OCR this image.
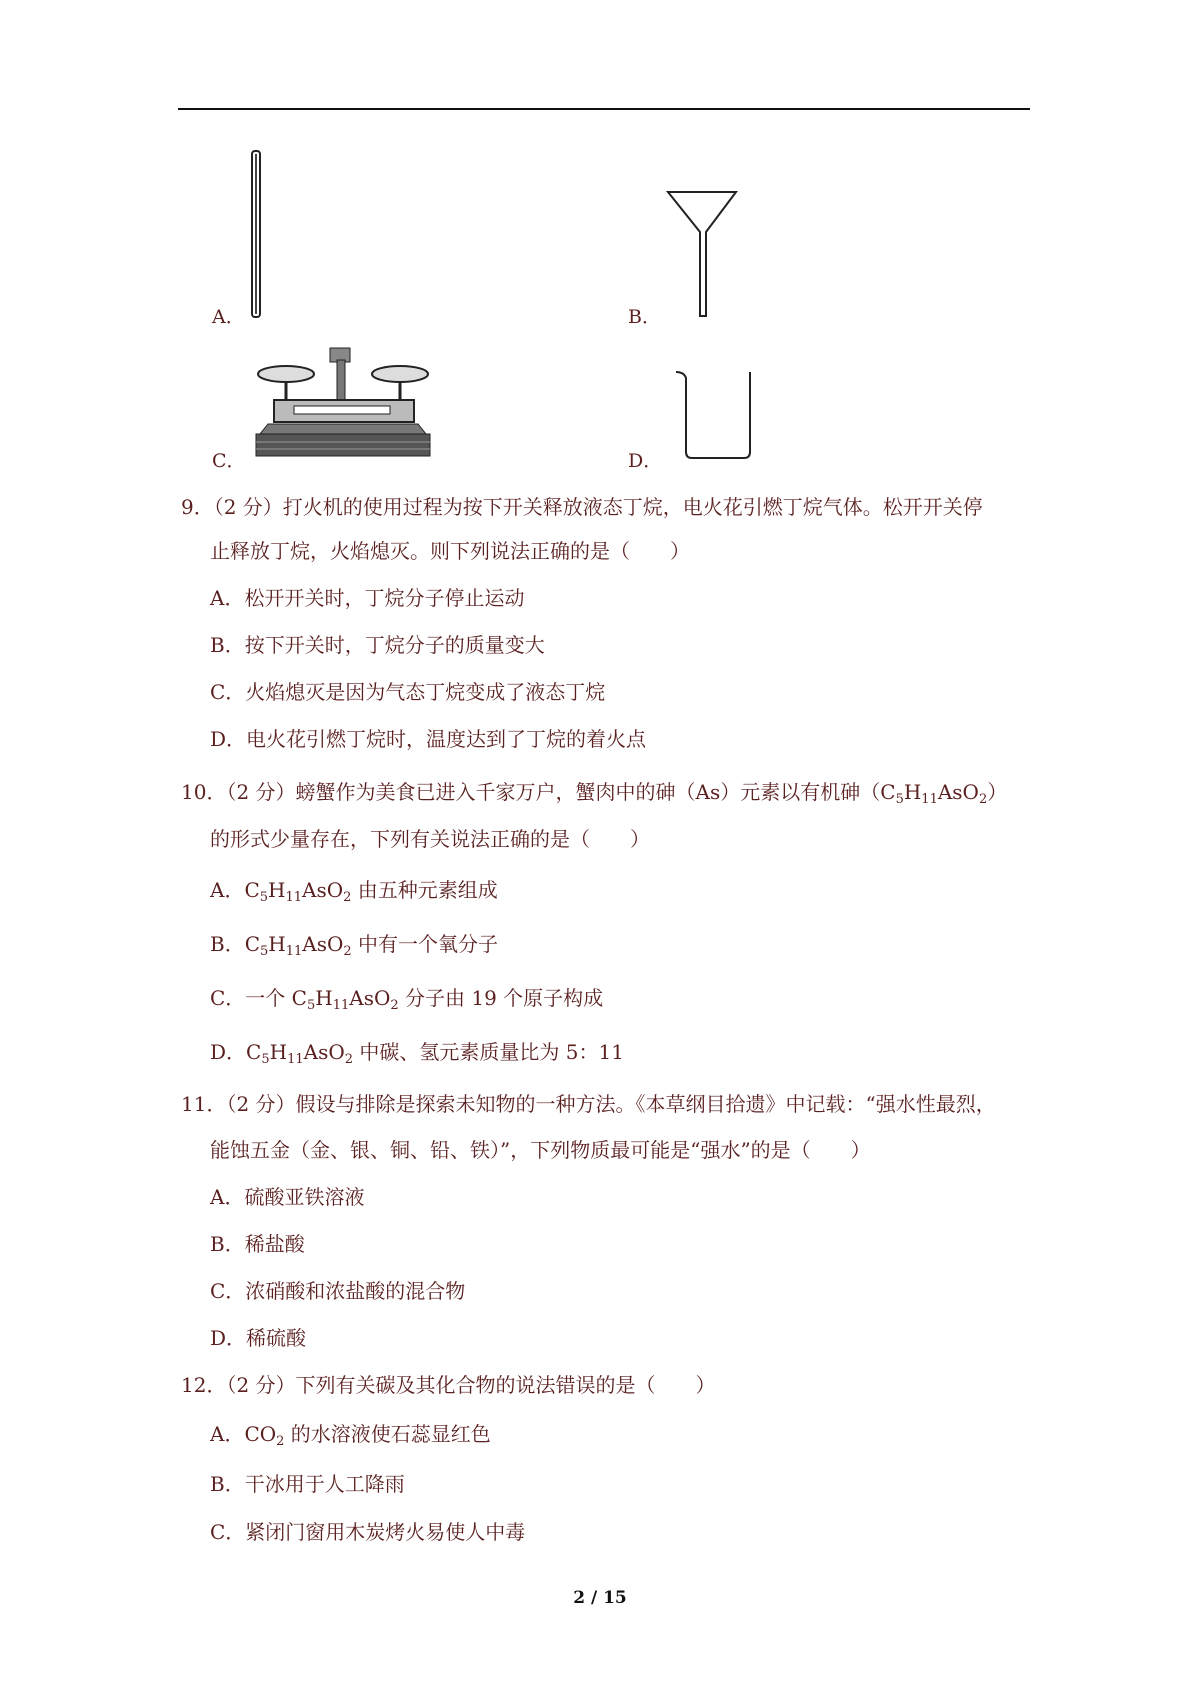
A．	B．
C．	D．
9．（2 分）打火机的使用过程为按下开关释放液态丁烷，电火花引燃丁烷气体。松开开关停
止释放丁烷，火焰熄灭。则下列说法正确的是（　　）
A．松开开关时，丁烷分子停止运动
B．按下开关时，丁烷分子的质量变大
C．火焰熄灭是因为气态丁烷变成了液态丁烷
D．电火花引燃丁烷时，温度达到了丁烷的着火点
10．（2 分）螃蟹作为美食已进入千家万户，蟹肉中的砷（As）元素以有机砷$(C_5H_{11}AsO_2)$
的形式少量存在，下列有关说法正确的是（　　）
A．$C_5H_{11}AsO_2$ 由五种元素组成
B．$C_5H_{11}AsO_2$ 中有一个氧分子
C．一个 $C_5H_{11}AsO_2$ 分子由 19 个原子构成
D．$C_5H_{11}AsO_2$ 中碳、氢元素质量比为 5：11
11．（2 分）假设与排除是探索未知物的一种方法。《本草纲目拾遗》中记载：“强水性最烈，
能蚀五金（金、银、铜、铅、铁）”，下列物质最可能是“强水”的是（　　）
A．硫酸亚铁溶液
B．稀盐酸
C．浓硝酸和浓盐酸的混合物
D．稀硫酸
12．（2 分）下列有关碳及其化合物的说法错误的是（　　）
A．$CO_2$ 的水溶液使石蕊显红色
B．干冰用于人工降雨
C．紧闭门窗用木炭烤火易使人中毒
2 / 15
